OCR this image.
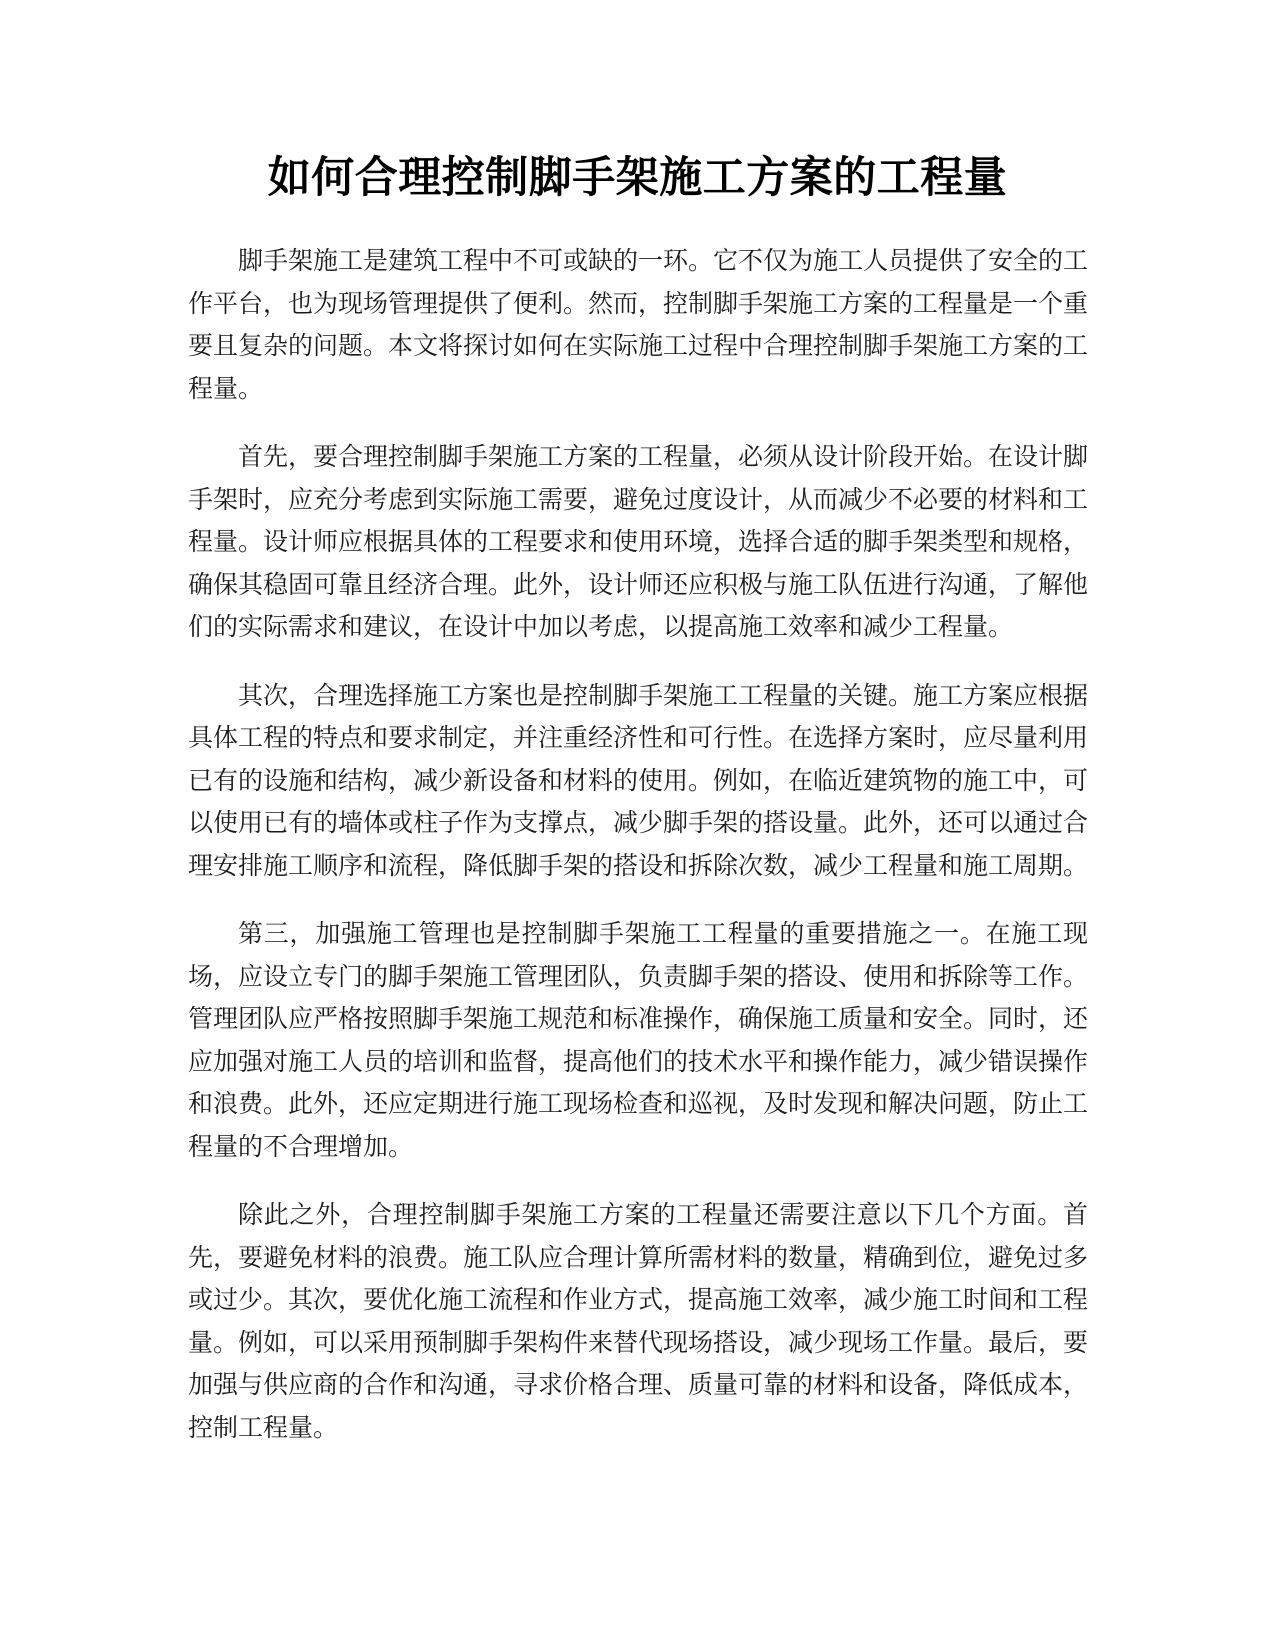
如何合理控制脚手架施工方案的工程量

脚手架施工是建筑工程中不可或缺的一环。它不仅为施工人员提供了安全的工作平台，也为现场管理提供了便利。然而，控制脚手架施工方案的工程量是一个重要且复杂的问题。本文将探讨如何在实际施工过程中合理控制脚手架施工方案的工程量。

首先，要合理控制脚手架施工方案的工程量，必须从设计阶段开始。在设计脚手架时，应充分考虑到实际施工需要，避免过度设计，从而减少不必要的材料和工程量。设计师应根据具体的工程要求和使用环境，选择合适的脚手架类型和规格，确保其稳固可靠且经济合理。此外，设计师还应积极与施工队伍进行沟通，了解他们的实际需求和建议，在设计中加以考虑，以提高施工效率和减少工程量。

其次，合理选择施工方案也是控制脚手架施工工程量的关键。施工方案应根据具体工程的特点和要求制定，并注重经济性和可行性。在选择方案时，应尽量利用已有的设施和结构，减少新设备和材料的使用。例如，在临近建筑物的施工中，可以使用已有的墙体或柱子作为支撑点，减少脚手架的搭设量。此外，还可以通过合理安排施工顺序和流程，降低脚手架的搭设和拆除次数，减少工程量和施工周期。

第三，加强施工管理也是控制脚手架施工工程量的重要措施之一。在施工现场，应设立专门的脚手架施工管理团队，负责脚手架的搭设、使用和拆除等工作。管理团队应严格按照脚手架施工规范和标准操作，确保施工质量和安全。同时，还应加强对施工人员的培训和监督，提高他们的技术水平和操作能力，减少错误操作和浪费。此外，还应定期进行施工现场检查和巡视，及时发现和解决问题，防止工程量的不合理增加。

除此之外，合理控制脚手架施工方案的工程量还需要注意以下几个方面。首先，要避免材料的浪费。施工队应合理计算所需材料的数量，精确到位，避免过多或过少。其次，要优化施工流程和作业方式，提高施工效率，减少施工时间和工程量。例如，可以采用预制脚手架构件来替代现场搭设，减少现场工作量。最后，要加强与供应商的合作和沟通，寻求价格合理、质量可靠的材料和设备，降低成本，控制工程量。
